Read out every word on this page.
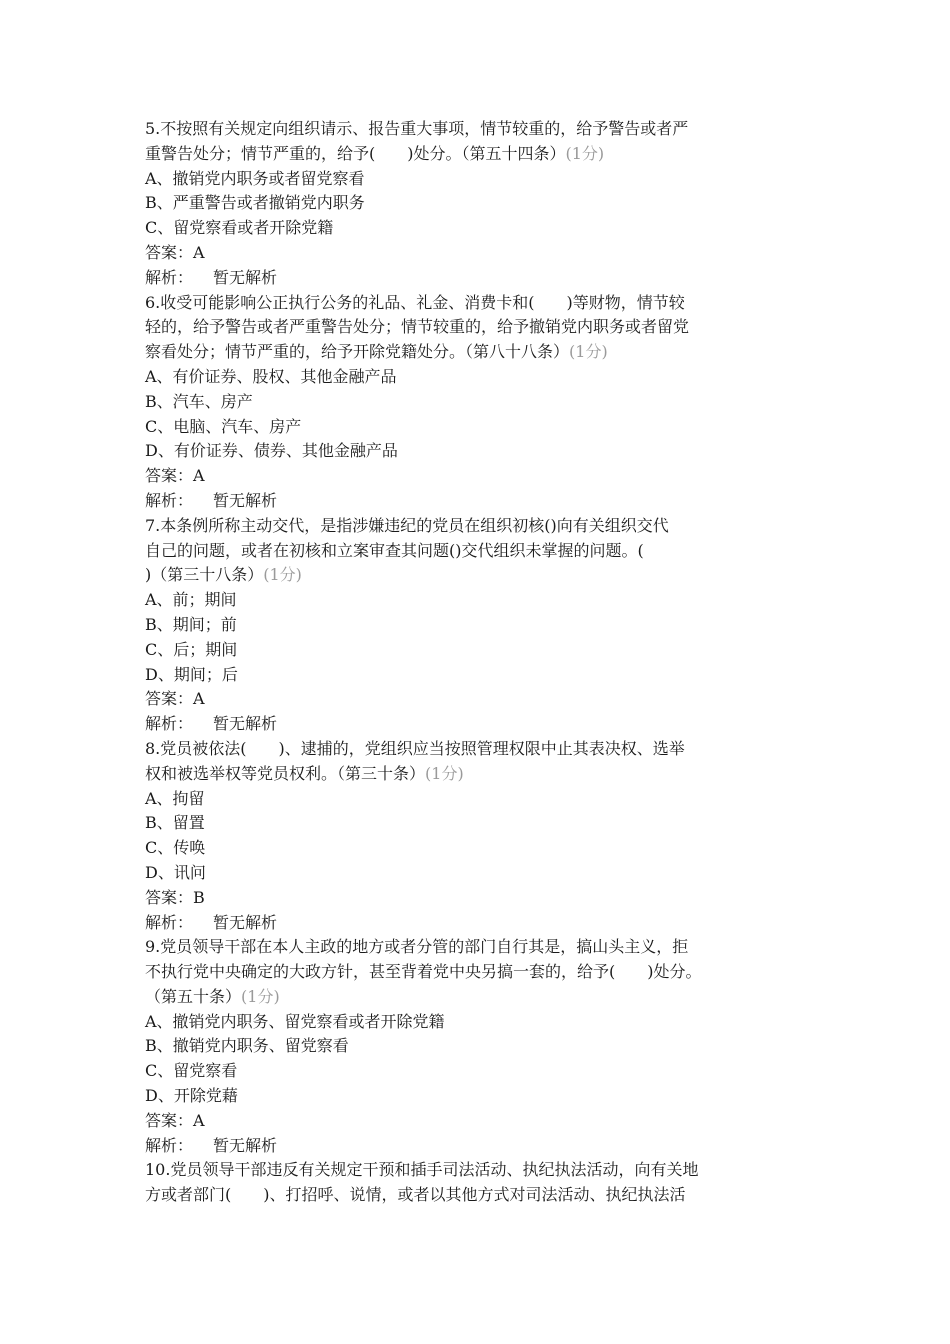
5.不按照有关规定向组织请示、报告重大事项，情节较重的，给予警告或者严
重警告处分；情节严重的，给予(　　)处分。（第五十四条）(1分)
A、撤销党内职务或者留党察看
B、严重警告或者撤销党内职务
C、留党察看或者开除党籍
答案：A
解析： 暂无解析
6.收受可能影响公正执行公务的礼品、礼金、消费卡和(　　)等财物，情节较
轻的，给予警告或者严重警告处分；情节较重的，给予撤销党内职务或者留党
察看处分；情节严重的，给予开除党籍处分。（第八十八条）(1分)
A、有价证券、股权、其他金融产品
B、汽车、房产
C、电脑、汽车、房产
D、有价证券、债券、其他金融产品
答案：A
解析： 暂无解析
7.本条例所称主动交代，是指涉嫌违纪的党员在组织初核()向有关组织交代
自己的问题，或者在初核和立案审查其问题()交代组织未掌握的问题。(
)（第三十八条）(1分)
A、前；期间
B、期间；前
C、后；期间
D、期间；后
答案：A
解析： 暂无解析
8.党员被依法(　　)、逮捕的，党组织应当按照管理权限中止其表决权、选举
权和被选举权等党员权利。（第三十条）(1分)
A、拘留
B、留置
C、传唤
D、讯问
答案：B
解析： 暂无解析
9.党员领导干部在本人主政的地方或者分管的部门自行其是，搞山头主义，拒
不执行党中央确定的大政方针，甚至背着党中央另搞一套的，给予(　　)处分。
（第五十条）(1分)
A、撤销党内职务、留党察看或者开除党籍
B、撤销党内职务、留党察看
C、留党察看
D、开除党藉
答案：A
解析： 暂无解析
10.党员领导干部违反有关规定干预和插手司法活动、执纪执法活动，向有关地
方或者部门(　　)、打招呼、说情，或者以其他方式对司法活动、执纪执法活
